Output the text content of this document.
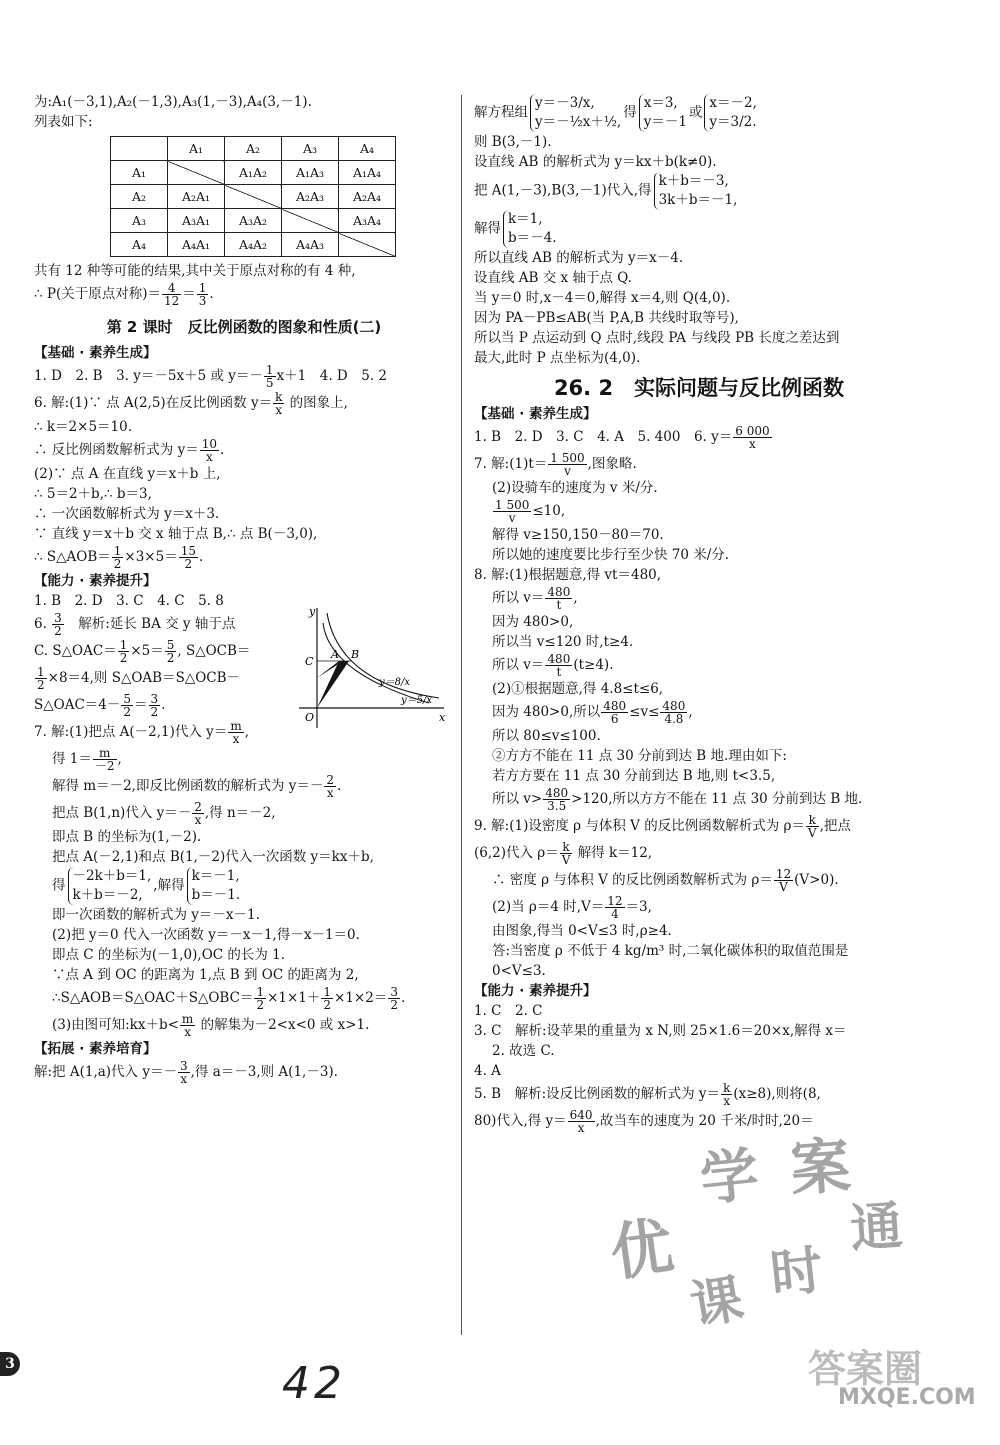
为:A₁(－3,1),A₂(－1,3),A₃(1,－3),A₄(3,－1).
列表如下:
	A₁	A₂	A₃	A₄
A₁		A₁A₂	A₁A₃	A₁A₄
A₂	A₂A₁		A₂A₃	A₂A₄
A₃	A₃A₁	A₃A₂		A₃A₄
A₄	A₄A₁	A₄A₂	A₄A₃	
共有 12 种等可能的结果,其中关于原点对称的有 4 种,
∴ P(关于原点对称)＝ $\frac{4}{12} = \frac{1}{3}$ .
第 2 课时　反比例函数的图象和性质(二)
【基础 · 素养生成】
1. D　2. B　3. y＝－5x＋5 或 $y=- \frac{1}{5} x+1$　4. D　5. 2
6. 解:(1)∵ 点 A(2,5)在反比例函数 $y= \frac{k}{x}$ 的图象上,
∴ k＝2×5＝10.
∴ 反比例函数解析式为 $y= \frac{10}{x}$ .
(2)∵ 点 A 在直线 y＝x＋b 上,
∴ 5＝2＋b,∴ b＝3,
∴ 一次函数解析式为 y＝x＋3.
∵ 直线 y＝x＋b 交 x 轴于点 B,∴ 点 B(－3,0),
∴ S△AOB＝ $\frac{1}{2} \times 3\times 5= \frac{15}{2}$ .
【能力 · 素养提升】
1. B　2. D　3. C　4. C　5. 8
y
x
O
C
A B
y＝8/x
y＝5/x
6. $\frac{3}{2}$ 　解析:延长 BA 交 y 轴于点
C. S△OAC＝ $\frac{1}{2} \times 5= \frac{5}{2}$ , S△OCB＝
$\frac{1}{2} \times 8=4$,则 S△OAB＝S△OCB－
S△OAC＝4－ $\frac{5}{2} = \frac{3}{2}$ .
7. 解:(1)把点 A(－2,1)代入 $y= \frac{m}{x}$ ,
得 $1= \frac{m}{-2}$ ,
解得 m＝－2,即反比例函数的解析式为 $y=- \frac{2}{x}$ .
把点 B(1,n)代入 $y=- \frac{2}{x}$ ,得 n＝－2,
即点 B 的坐标为(1,－2).
把点 A(－2,1)和点 B(1,－2)代入一次函数 y＝kx＋b,
得
－2k＋b＝1,
k＋b＝－2,
,解得
k＝－1,
b＝－1.
即一次函数的解析式为 y＝－x－1.
(2)把 y＝0 代入一次函数 y＝－x－1,得－x－1＝0.
即点 C 的坐标为(－1,0),OC 的长为 1.
∵点 A 到 OC 的距离为 1,点 B 到 OC 的距离为 2,
∴S△AOB＝S△OAC＋S△OBC＝ $\frac{1}{2} \times 1\times 1+ \frac{1}{2} \times 1\times 2= \frac{3}{2}$ .
(3)由图可知:kx＋b< $\frac{m}{x}$ 的解集为－2<x<0 或 x>1.
【拓展 · 素养培育】
解:把 A(1,a)代入 $y=- \frac{3}{x}$ ,得 a＝－3,则 A(1,－3).
解方程组
y＝－3/x,
y＝－½x＋½,
得
x＝3,
y＝－1
或
x＝－2,
y＝3/2.
则 B(3,－1).
设直线 AB 的解析式为 y＝kx＋b(k≠0).
把 A(1,－3),B(3,－1)代入,得
k＋b＝－3,
3k＋b＝－1,
解得
k＝1,
b＝－4.
所以直线 AB 的解析式为 y＝x－4.
设直线 AB 交 x 轴于点 Q.
当 y＝0 时,x－4＝0,解得 x＝4,则 Q(4,0).
因为 PA－PB≤AB(当 P,A,B 共线时取等号),
所以当 P 点运动到 Q 点时,线段 PA 与线段 PB 长度之差达到
最大,此时 P 点坐标为(4,0).
26. 2　实际问题与反比例函数
【基础 · 素养生成】
1. B　2. D　3. C　4. A　5. 400　6. $y= \frac{6 000}{x}$
7. 解:(1)t＝ $\frac{1 500}{v}$ ,图象略.
(2)设骑车的速度为 v 米/分.
$\frac{1 500}{v} \le 10$,
解得 v≥150,150－80＝70.
所以她的速度要比步行至少快 70 米/分.
8. 解:(1)根据题意,得 vt＝480,
所以 $v= \frac{480}{t}$ ,
因为 480>0,
所以当 v≤120 时,t≥4.
所以 $v= \frac{480}{t} (t\ge 4)$.
(2)①根据题意,得 4.8≤t≤6,
因为 480>0,所以 $\frac{480}{6} \le v\le \frac{480}{4.8}$ ,
所以 80≤v≤100.
②方方不能在 11 点 30 分前到达 B 地.理由如下:
若方方要在 11 点 30 分前到达 B 地,则 t<3.5,
所以 $v> \frac{480}{3.5} >120$,所以方方不能在 11 点 30 分前到达 B 地.
9. 解:(1)设密度 ρ 与体积 V 的反比例函数解析式为 $\rho= \frac{k}{V}$ ,把点
(6,2)代入 $\rho= \frac{k}{V}$ 解得 k＝12,
∴ 密度 ρ 与体积 V 的反比例函数解析式为 $\rho= \frac{12}{V} (V>0)$.
(2)当 ρ＝4 时$,V= \frac{12}{4} =3$,
由图象,得当 0<V≤3 时,ρ≥4.
答:当密度 ρ 不低于 4 kg/m³ 时,二氧化碳体积的取值范围是
0<V≤3.
【能力 · 素养提升】
1. C　2. C
3. C　解析:设苹果的重量为 x N,则 25×1.6＝20×x,解得 x＝
2. 故选 C.
4. A
5. B　解析:设反比例函数的解析式为 $y= \frac{k}{x} (x\ge 8)$,则将(8,
80)代入,得 $y= \frac{640}{x}$ ,故当车的速度为 20 千米/时时,20＝
优
学 案
课 时
通
3	42	答案圈
MXQE.COM
